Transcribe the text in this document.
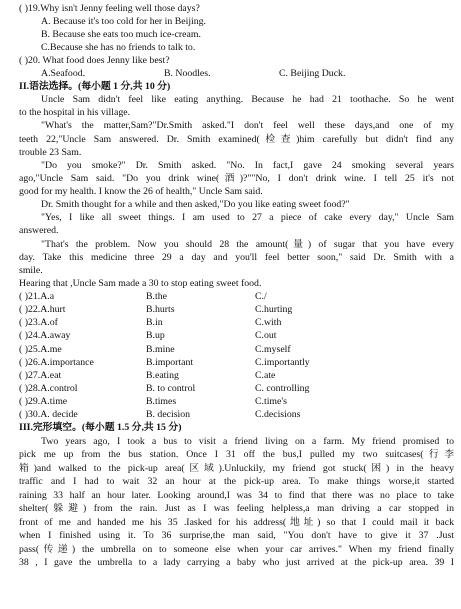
( )19.Why isn't Jenny feeling well those days?
A. Because it's too cold for her in Beijing.
B. Because she eats too much ice-cream.
C.Because she has no friends to talk to.
( )20. What food does Jenny like best?
A.Seafood.	B. Noodles.	C. Beijing Duck.
II.语法选择。(每小题 1 分,共 10 分)
Uncle Sam didn't feel like eating anything. Because he had 21 toothache. So he went
to the hospital in his village.
"What's the matter,Sam?"Dr.Smith asked."I don't feel well these days,and one of my
teeth 22,"Uncle Sam answered. Dr. Smith examined(检查)him carefully but didn't find any
trouble 23 Sam.
"Do you smoke?" Dr. Smith asked. "No. In fact,I gave 24 smoking several years
ago,"Uncle Sam said. "Do you drink wine(酒)?""No, I don't drink wine. I tell 25 it's not
good for my health. I know the 26 of health," Uncle Sam said.
Dr. Smith thought for a while and then asked,"Do you like eating sweet food?"
"Yes, I like all sweet things. I am used to 27 a piece of cake every day," Uncle Sam
answered.
"That's the problem. Now you should 28 the amount(量) of sugar that you have every
day. Take this medicine three 29 a day and you'll feel better soon," said Dr. Smith with a
smile.
Hearing that ,Uncle Sam made a 30 to stop eating sweet food.
( )21.A.a	B.the	C./
( )22.A.hurt	B.hurts	C.hurting
( )23.A.of	B.in	C.with
( )24.A.away	B.up	C.out
( )25.A.me	B.mine	C.myself
( )26.A.importance	B.important	C.importantly
( )27.A.eat	B.eating	C.ate
( )28.A.control	B. to control	C. controlling
( )29.A.time	B.times	C.time's
( )30.A. decide	B. decision	C.decisions
III.完形填空。(每小题 1.5 分,共 15 分)
Two years ago, I took a bus to visit a friend living on a farm. My friend promised to
pick me up from the bus station. Once I 31 off the bus,I pulled my two suitcases(行李
箱)and walked to the pick-up area(区域).Unluckily, my friend got stuck(困) in the heavy
traffic and I had to wait 32 an hour at the pick-up area. To make things worse,it started
raining 33 half an hour later. Looking around,I was 34 to find that there was no place to take
shelter(躲避) from the rain. Just as I was feeling helpless,a man driving a car stopped in
front of me and handed me his 35 .Iasked for his address(地址) so that I could mail it back
when I finished using it. To 36 surprise,the man said, "You don't have to give it 37 .Just
pass(传递) the umbrella on to someone else when your car arrives." When my friend finally
38 , I gave the umbrella to a lady carrying a baby who just arrived at the pick-up area. 39 I
